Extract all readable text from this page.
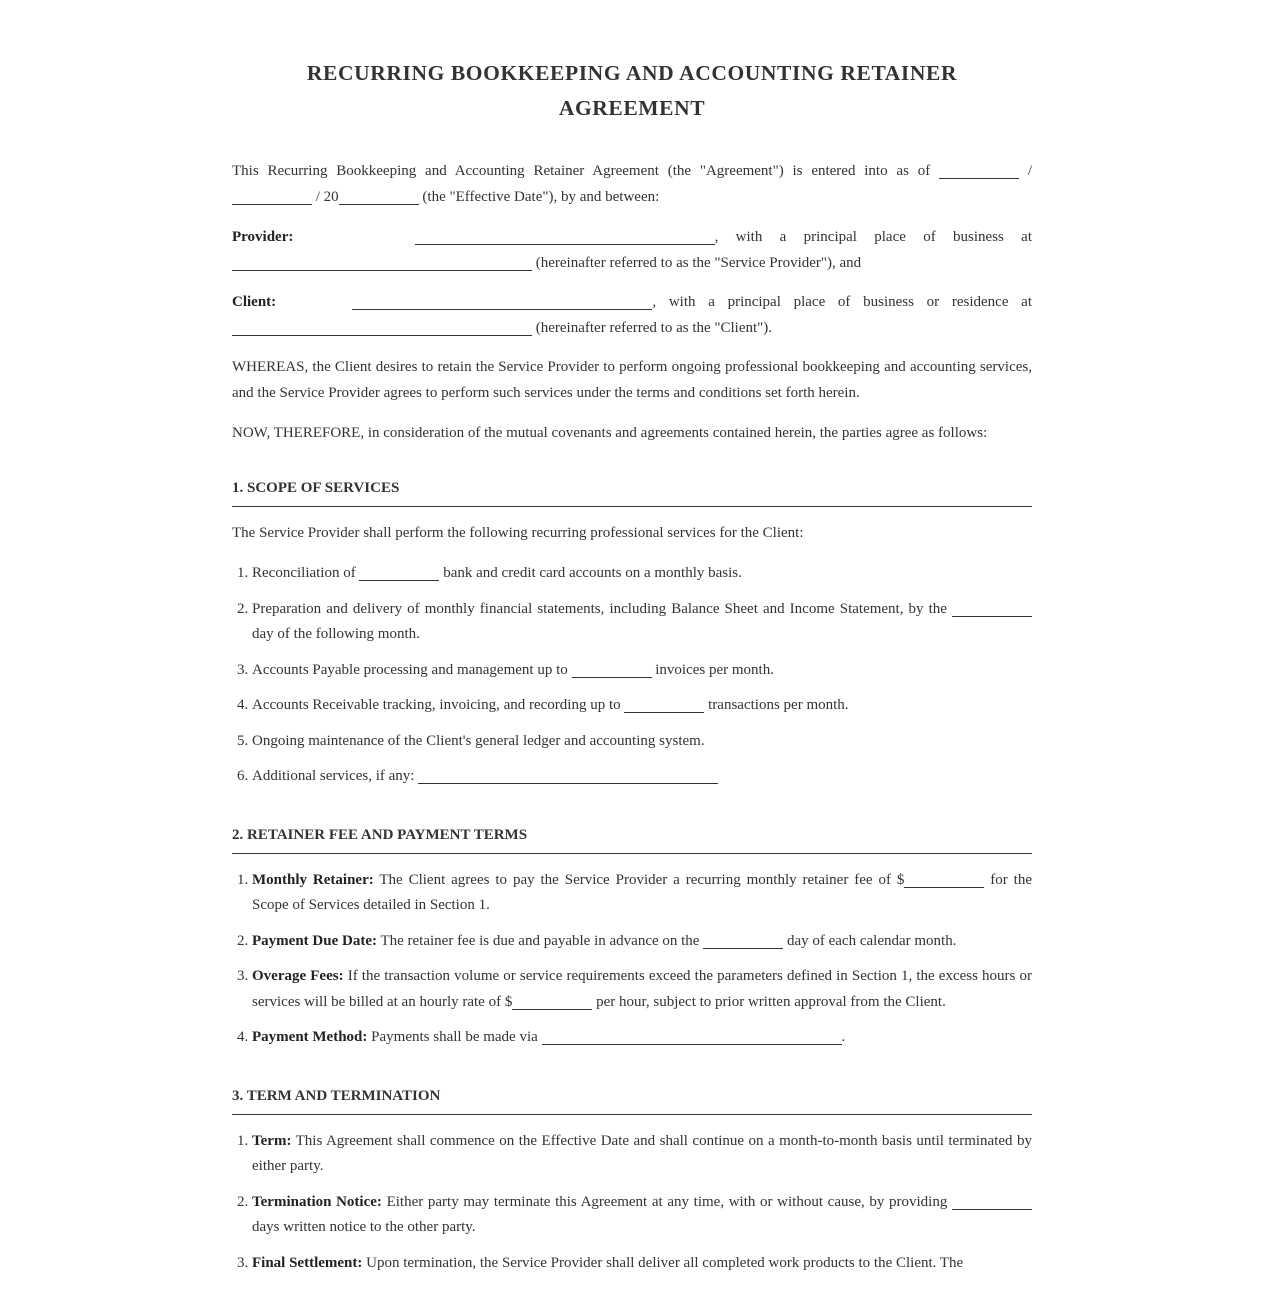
RECURRING BOOKKEEPING AND ACCOUNTING RETAINER AGREEMENT

This Recurring Bookkeeping and Accounting Retainer Agreement (the "Agreement") is entered into as of	/  / 20	(the "Effective Date"), by and between:

Provider:	, with a principal place of business at  (hereinafter referred to as the "Service Provider"), and

Client:	, with a principal place of business or residence at  (hereinafter referred to as the "Client").

WHEREAS, the Client desires to retain the Service Provider to perform ongoing professional bookkeeping and accounting services, and the Service Provider agrees to perform such services under the terms and conditions set forth herein.

NOW, THEREFORE, in consideration of the mutual covenants and agreements contained herein, the parties agree as follows:

1. SCOPE OF SERVICES

The Service Provider shall perform the following recurring professional services for the Client:

1. Reconciliation of	bank and credit card accounts on a monthly basis.
2. Preparation and delivery of monthly financial statements, including Balance Sheet and Income Statement, by the  day of the following month.
3. Accounts Payable processing and management up to	invoices per month.
4. Accounts Receivable tracking, invoicing, and recording up to	transactions per month.
5. Ongoing maintenance of the Client's general ledger and accounting system.
6. Additional services, if any:
2. RETAINER FEE AND PAYMENT TERMS
1. Monthly Retainer: The Client agrees to pay the Service Provider a recurring monthly retainer fee of $	for the Scope of Services detailed in Section 1.
2. Payment Due Date: The retainer fee is due and payable in advance on the	day of each calendar month.
3. Overage Fees: If the transaction volume or service requirements exceed the parameters defined in Section 1, the excess hours or services will be billed at an hourly rate of $	per hour, subject to prior written approval from the Client.
4. Payment Method: Payments shall be made via	.
3. TERM AND TERMINATION
1. Term: This Agreement shall commence on the Effective Date and shall continue on a month-to-month basis until terminated by either party.
2. Termination Notice: Either party may terminate this Agreement at any time, with or without cause, by providing  days written notice to the other party.
3. Final Settlement: Upon termination, the Service Provider shall deliver all completed work products to the Client. The
